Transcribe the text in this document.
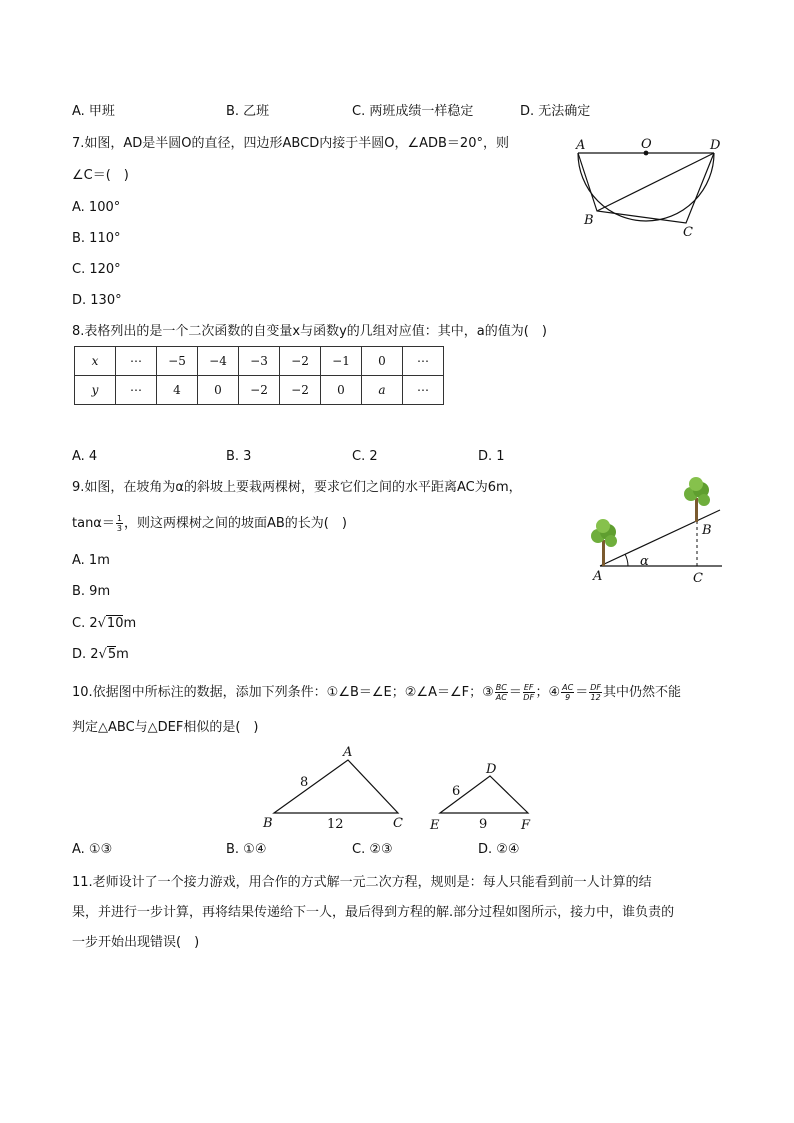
A. 甲班	B. 乙班	C. 两班成绩一样稳定	D. 无法确定
7.如图，AD是半圆O的直径，四边形ABCD内接于半圆O，∠ADB＝20°，则
∠C＝(　)
A. 100°
B. 110°
C. 120°
D. 130°
A	O	D
B
C
8.表格列出的是一个二次函数的自变量x与函数y的几组对应值：其中，a的值为(　)
x	⋯	−5	−4	−3	−2	−1	0	⋯
y	⋯	4	0	−2	−2	0	a	⋯
A. 4	B. 3	C. 2	D. 1
9.如图，在坡角为α的斜坡上要栽两棵树，要求它们之间的水平距离AC为6m，
$\tan\alpha= \frac{1}{3}$ ，则这两棵树之间的坡面AB的长为(　)
A. 1m
B. 9m
C. 2√10m
D. 2√5m
A
B
C
α
10.依据图中所标注的数据，添加下列条件：①∠B＝∠E；②∠A＝∠F；③ $\frac{BC}{AC} = \frac{EF}{DF}$ ；④ $\frac{AC}{9} = \frac{DF}{12}$ 其中仍然不能
判定△ABC与△DEF相似的是(　)
A
B	C
8
12
D
E	F
6
9
A. ①③	B. ①④	C. ②③	D. ②④
11.老师设计了一个接力游戏，用合作的方式解一元二次方程，规则是：每人只能看到前一人计算的结
果，并进行一步计算，再将结果传递给下一人，最后得到方程的解.部分过程如图所示，接力中，谁负责的
一步开始出现错误(　)
